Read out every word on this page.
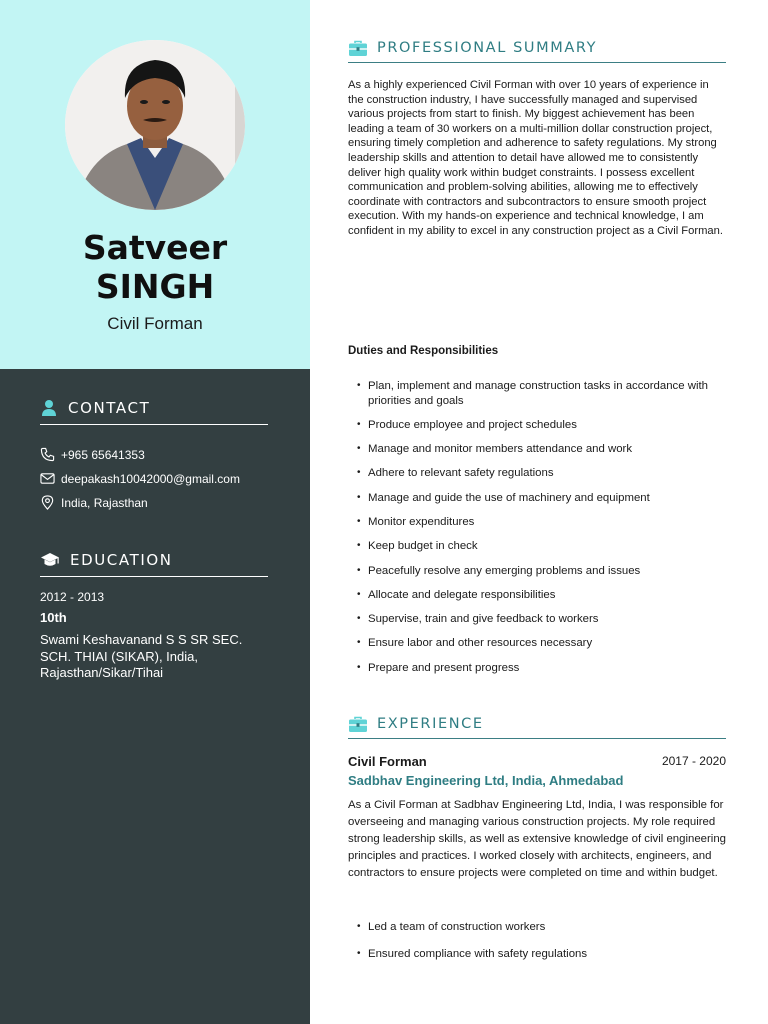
Satveer
SINGH
Civil Forman
CONTACT
+965 65641353
deepakash10042000@gmail.com
India, Rajasthan
EDUCATION
2012 - 2013
10th
Swami Keshavanand S S SR SEC. SCH. THIAI (SIKAR), India, Rajasthan/Sikar/Tihai
PROFESSIONAL SUMMARY
As a highly experienced Civil Forman with over 10 years of experience in the construction industry, I have successfully managed and supervised various projects from start to finish. My biggest achievement has been leading a team of 30 workers on a multi-million dollar construction project, ensuring timely completion and adherence to safety regulations. My strong leadership skills and attention to detail have allowed me to consistently deliver high quality work within budget constraints. I possess excellent communication and problem-solving abilities, allowing me to effectively coordinate with contractors and subcontractors to ensure smooth project execution. With my hands-on experience and technical knowledge, I am confident in my ability to excel in any construction project as a Civil Forman.
Duties and Responsibilities
• Plan, implement and manage construction tasks in accordance with priorities and goals
• Produce employee and project schedules
• Manage and monitor members attendance and work
• Adhere to relevant safety regulations
• Manage and guide the use of machinery and equipment
• Monitor expenditures
• Keep budget in check
• Peacefully resolve any emerging problems and issues
• Allocate and delegate responsibilities
• Supervise, train and give feedback to workers
• Ensure labor and other resources necessary
• Prepare and present progress
EXPERIENCE
Civil Forman	2017 - 2020
Sadbhav Engineering Ltd, India, Ahmedabad
As a Civil Forman at Sadbhav Engineering Ltd, India, I was responsible for overseeing and managing various construction projects. My role required strong leadership skills, as well as extensive knowledge of civil engineering principles and practices. I worked closely with architects, engineers, and contractors to ensure projects were completed on time and within budget.
• Led a team of construction workers
• Ensured compliance with safety regulations
